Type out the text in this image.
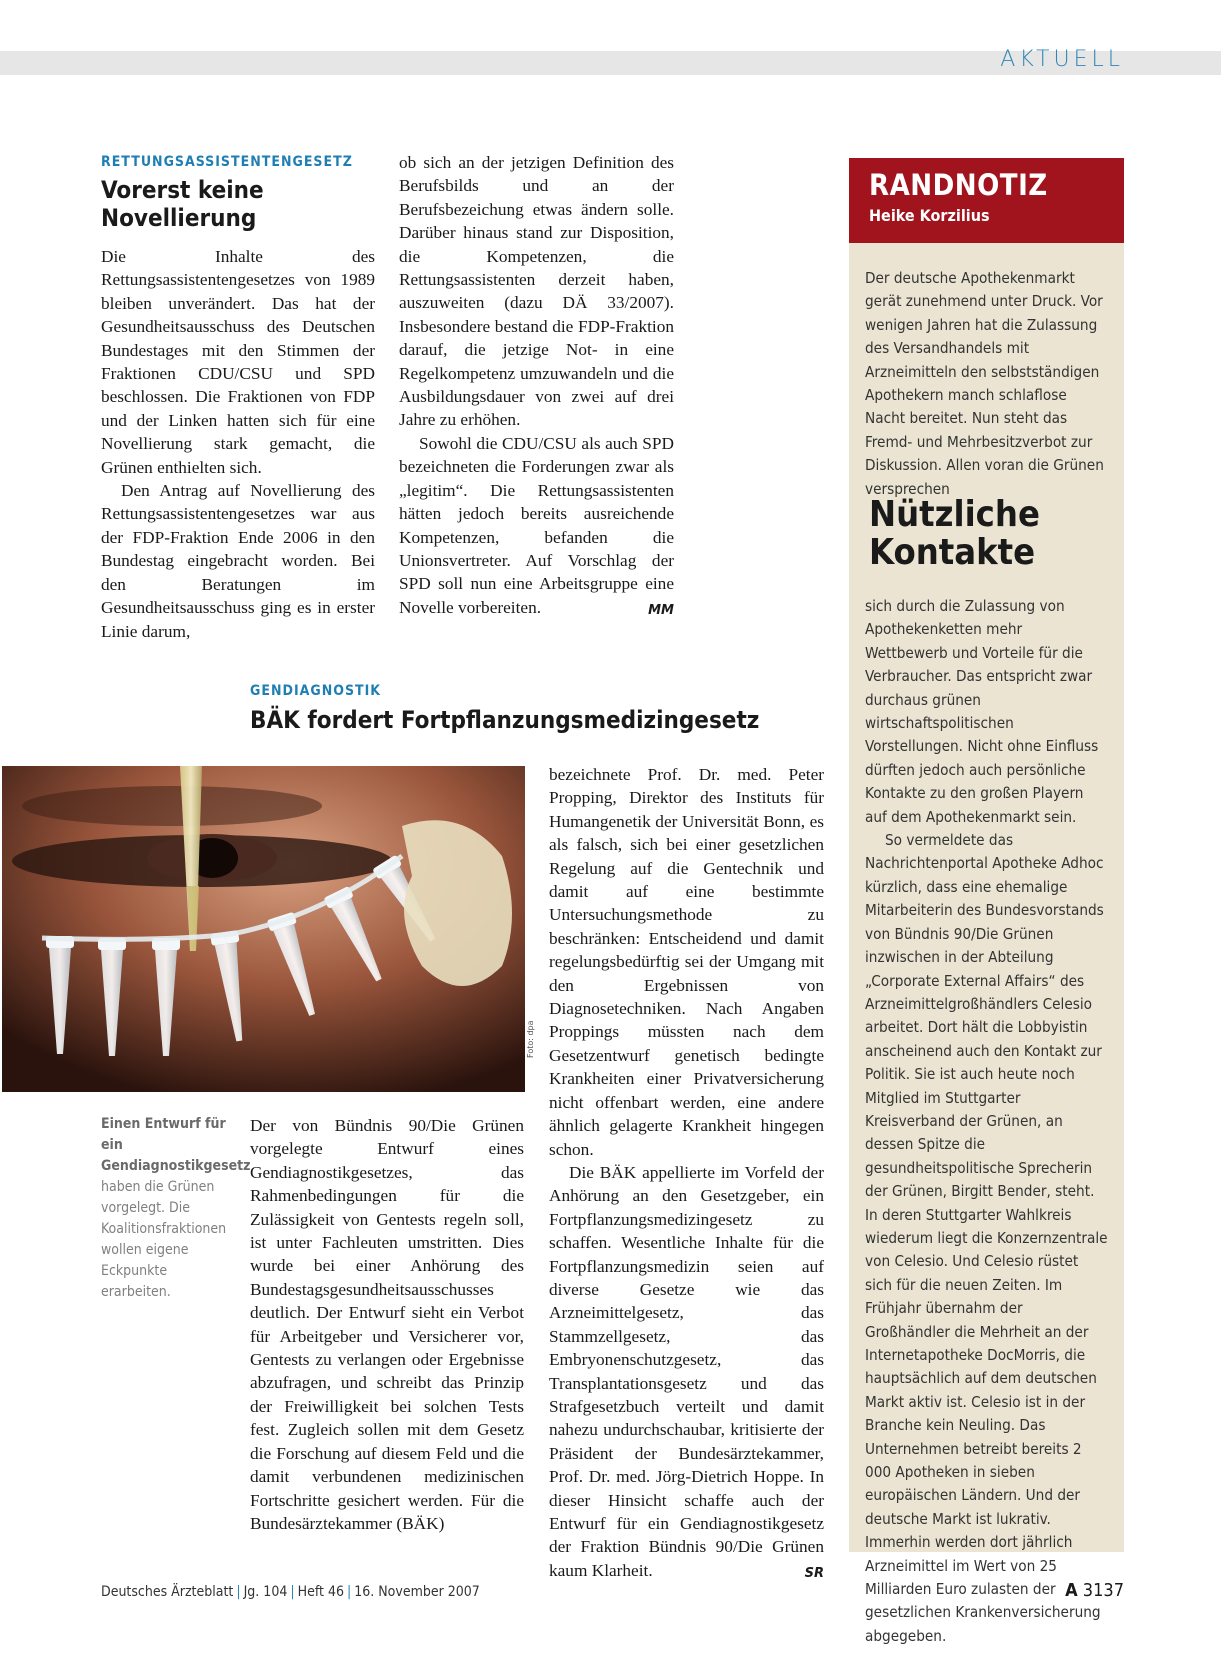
AKTUELL
RETTUNGSASSISTENTENGESETZ
Vorerst keine Novellierung

Die Inhalte des Rettungsassistentengesetzes von 1989 bleiben unverändert. Das hat der Gesundheitsausschuss des Deutschen Bundestages mit den Stimmen der Fraktionen CDU/CSU und SPD beschlossen. Die Fraktionen von FDP und der Linken hatten sich für eine Novellierung stark gemacht, die Grünen enthielten sich.

Den Antrag auf Novellierung des Rettungsassistentengesetzes war aus der FDP-Fraktion Ende 2006 in den Bundestag eingebracht worden. Bei den Beratungen im Gesundheitsausschuss ging es in erster Linie darum,

ob sich an der jetzigen Definition des Berufsbilds und an der Berufsbezeichung etwas ändern solle. Darüber hinaus stand zur Disposition, die Kompetenzen, die Rettungsassistenten derzeit haben, auszuweiten (dazu DÄ 33/2007). Insbesondere bestand die FDP-Fraktion darauf, die jetzige Not- in eine Regelkompetenz umzuwandeln und die Ausbildungsdauer von zwei auf drei Jahre zu erhöhen.

Sowohl die CDU/CSU als auch SPD bezeichneten die Forderungen zwar als „legitim“. Die Rettungsassistenten hätten jedoch bereits ausreichende Kompetenzen, befanden die Unionsvertreter. Auf Vorschlag der SPD soll nun eine Arbeitsgruppe eine Novelle vorbereiten.	MM

GENDIAGNOSTIK
BÄK fordert Fortpflanzungsmedizingesetz
Foto: dpa
Einen Entwurf für ein Gendiagnostikgesetz haben die Grünen vorgelegt. Die Koalitionsfraktionen wollen eigene Eckpunkte erarbeiten.

Der von Bündnis 90/Die Grünen vorgelegte Entwurf eines Gendiagnostikgesetzes, das Rahmenbedingungen für die Zulässigkeit von Gentests regeln soll, ist unter Fachleuten umstritten. Dies wurde bei einer Anhörung des Bundestagsgesundheitsausschusses deutlich. Der Entwurf sieht ein Verbot für Arbeitgeber und Versicherer vor, Gentests zu verlangen oder Ergebnisse abzufragen, und schreibt das Prinzip der Freiwilligkeit bei solchen Tests fest. Zugleich sollen mit dem Gesetz die Forschung auf diesem Feld und die damit verbundenen medizinischen Fortschritte gesichert werden. Für die Bundesärztekammer (BÄK)

bezeichnete Prof. Dr. med. Peter Propping, Direktor des Instituts für Humangenetik der Universität Bonn, es als falsch, sich bei einer gesetzlichen Regelung auf die Gentechnik und damit auf eine bestimmte Untersuchungsmethode zu beschränken: Entscheidend und damit regelungsbedürftig sei der Umgang mit den Ergebnissen von Diagnosetechniken. Nach Angaben Proppings müssten nach dem Gesetzentwurf genetisch bedingte Krankheiten einer Privatversicherung nicht offenbart werden, eine andere ähnlich gelagerte Krankheit hingegen schon.

Die BÄK appellierte im Vorfeld der Anhörung an den Gesetzgeber, ein Fortpflanzungsmedizingesetz zu schaffen. Wesentliche Inhalte für die Fortpflanzungsmedizin seien auf diverse Gesetze wie das Arzneimittelgesetz, das Stammzellgesetz, das Embryonenschutzgesetz, das Transplantationsgesetz und das Strafgesetzbuch verteilt und damit nahezu undurchschaubar, kritisierte der Präsident der Bundesärztekammer, Prof. Dr. med. Jörg-Dietrich Hoppe. In dieser Hinsicht schaffe auch der Entwurf für ein Gendiagnostikgesetz der Fraktion Bündnis 90/Die Grünen kaum Klarheit.	SR

RANDNOTIZ
Heike Korzilius

Der deutsche Apothekenmarkt gerät zunehmend unter Druck. Vor wenigen Jahren hat die Zulassung des Versandhandels mit Arzneimitteln den selbstständigen Apothekern manch schlaflose Nacht bereitet. Nun steht das Fremd- und Mehrbesitzverbot zur Diskussion. Allen voran die Grünen versprechen

Nützliche
Kontakte

sich durch die Zulassung von Apothekenketten mehr Wettbewerb und Vorteile für die Verbraucher. Das entspricht zwar durchaus grünen wirtschaftspolitischen Vorstellungen. Nicht ohne Einfluss dürften jedoch auch persönliche Kontakte zu den großen Playern auf dem Apothekenmarkt sein.

So vermeldete das Nachrichtenportal Apotheke Adhoc kürzlich, dass eine ehemalige Mitarbeiterin des Bundesvorstands von Bündnis 90/Die Grünen inzwischen in der Abteilung „Corporate External Affairs“ des Arzneimittelgroßhändlers Celesio arbeitet. Dort hält die Lobbyistin anscheinend auch den Kontakt zur Politik. Sie ist auch heute noch Mitglied im Stuttgarter Kreisverband der Grünen, an dessen Spitze die gesundheitspolitische Sprecherin der Grünen, Birgitt Bender, steht. In deren Stuttgarter Wahlkreis wiederum liegt die Konzernzentrale von Celesio. Und Celesio rüstet sich für die neuen Zeiten. Im Frühjahr übernahm der Großhändler die Mehrheit an der Internetapotheke DocMorris, die hauptsächlich auf dem deutschen Markt aktiv ist. Celesio ist in der Branche kein Neuling. Das Unternehmen betreibt bereits 2 000 Apotheken in sieben europäischen Ländern. Und der deutsche Markt ist lukrativ. Immerhin werden dort jährlich Arzneimittel im Wert von 25 Milliarden Euro zulasten der gesetzlichen Krankenversicherung abgegeben.

Deutsches Ärzteblatt | Jg. 104 | Heft 46 | 16. November 2007	A 3137
